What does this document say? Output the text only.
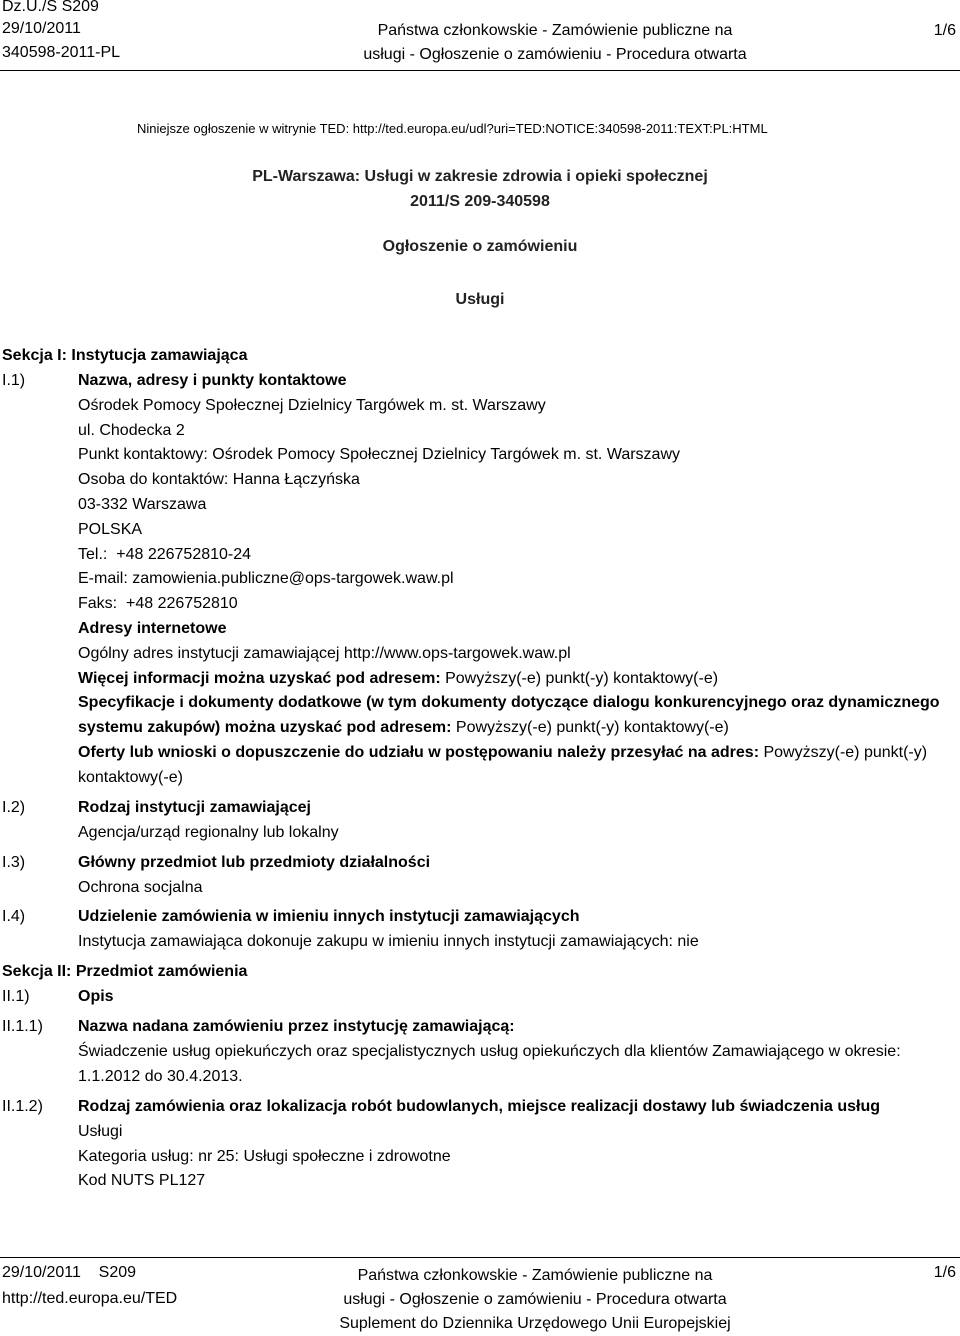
Dz.U./S S209
29/10/2011
340598-2011-PL
Państwa członkowskie - Zamówienie publiczne na
usługi - Ogłoszenie o zamówieniu - Procedura otwarta
1/6
Niniejsze ogłoszenie w witrynie TED: http://ted.europa.eu/udl?uri=TED:NOTICE:340598-2011:TEXT:PL:HTML
PL-Warszawa: Usługi w zakresie zdrowia i opieki społecznej
2011/S 209-340598
Ogłoszenie o zamówieniu
Usługi
Sekcja I: Instytucja zamawiająca
I.1)	Nazwa, adresy i punkty kontaktowe
Ośrodek Pomocy Społecznej Dzielnicy Targówek m. st. Warszawy
ul. Chodecka 2
Punkt kontaktowy: Ośrodek Pomocy Społecznej Dzielnicy Targówek m. st. Warszawy
Osoba do kontaktów: Hanna Łączyńska
03-332 Warszawa
POLSKA
Tel.: +48 226752810-24
E-mail: zamowienia.publiczne@ops-targowek.waw.pl
Faks: +48 226752810
Adresy internetowe
Ogólny adres instytucji zamawiającej http://www.ops-targowek.waw.pl
Więcej informacji można uzyskać pod adresem: Powyższy(-e) punkt(-y) kontaktowy(-e)
Specyfikacje i dokumenty dodatkowe (w tym dokumenty dotyczące dialogu konkurencyjnego oraz dynamicznego systemu zakupów) można uzyskać pod adresem: Powyższy(-e) punkt(-y) kontaktowy(-e)
Oferty lub wnioski o dopuszczenie do udziału w postępowaniu należy przesyłać na adres: Powyższy(-e) punkt(-y) kontaktowy(-e)
I.2)	Rodzaj instytucji zamawiającej
Agencja/urząd regionalny lub lokalny
I.3)	Główny przedmiot lub przedmioty działalności
Ochrona socjalna
I.4)	Udzielenie zamówienia w imieniu innych instytucji zamawiających
Instytucja zamawiająca dokonuje zakupu w imieniu innych instytucji zamawiających: nie
Sekcja II: Przedmiot zamówienia
II.1)	Opis
II.1.1) Nazwa nadana zamówieniu przez instytucję zamawiającą:
Świadczenie usług opiekuńczych oraz specjalistycznych usług opiekuńczych dla klientów Zamawiającego w okresie: 1.1.2012 do 30.4.2013.
II.1.2) Rodzaj zamówienia oraz lokalizacja robót budowlanych, miejsce realizacji dostawy lub świadczenia usług
Usługi
Kategoria usług: nr 25: Usługi społeczne i zdrowotne
Kod NUTS PL127
29/10/2011 S209
http://ted.europa.eu/TED
Państwa członkowskie - Zamówienie publiczne na
usługi - Ogłoszenie o zamówieniu - Procedura otwarta
Suplement do Dziennika Urzędowego Unii Europejskiej
1/6
